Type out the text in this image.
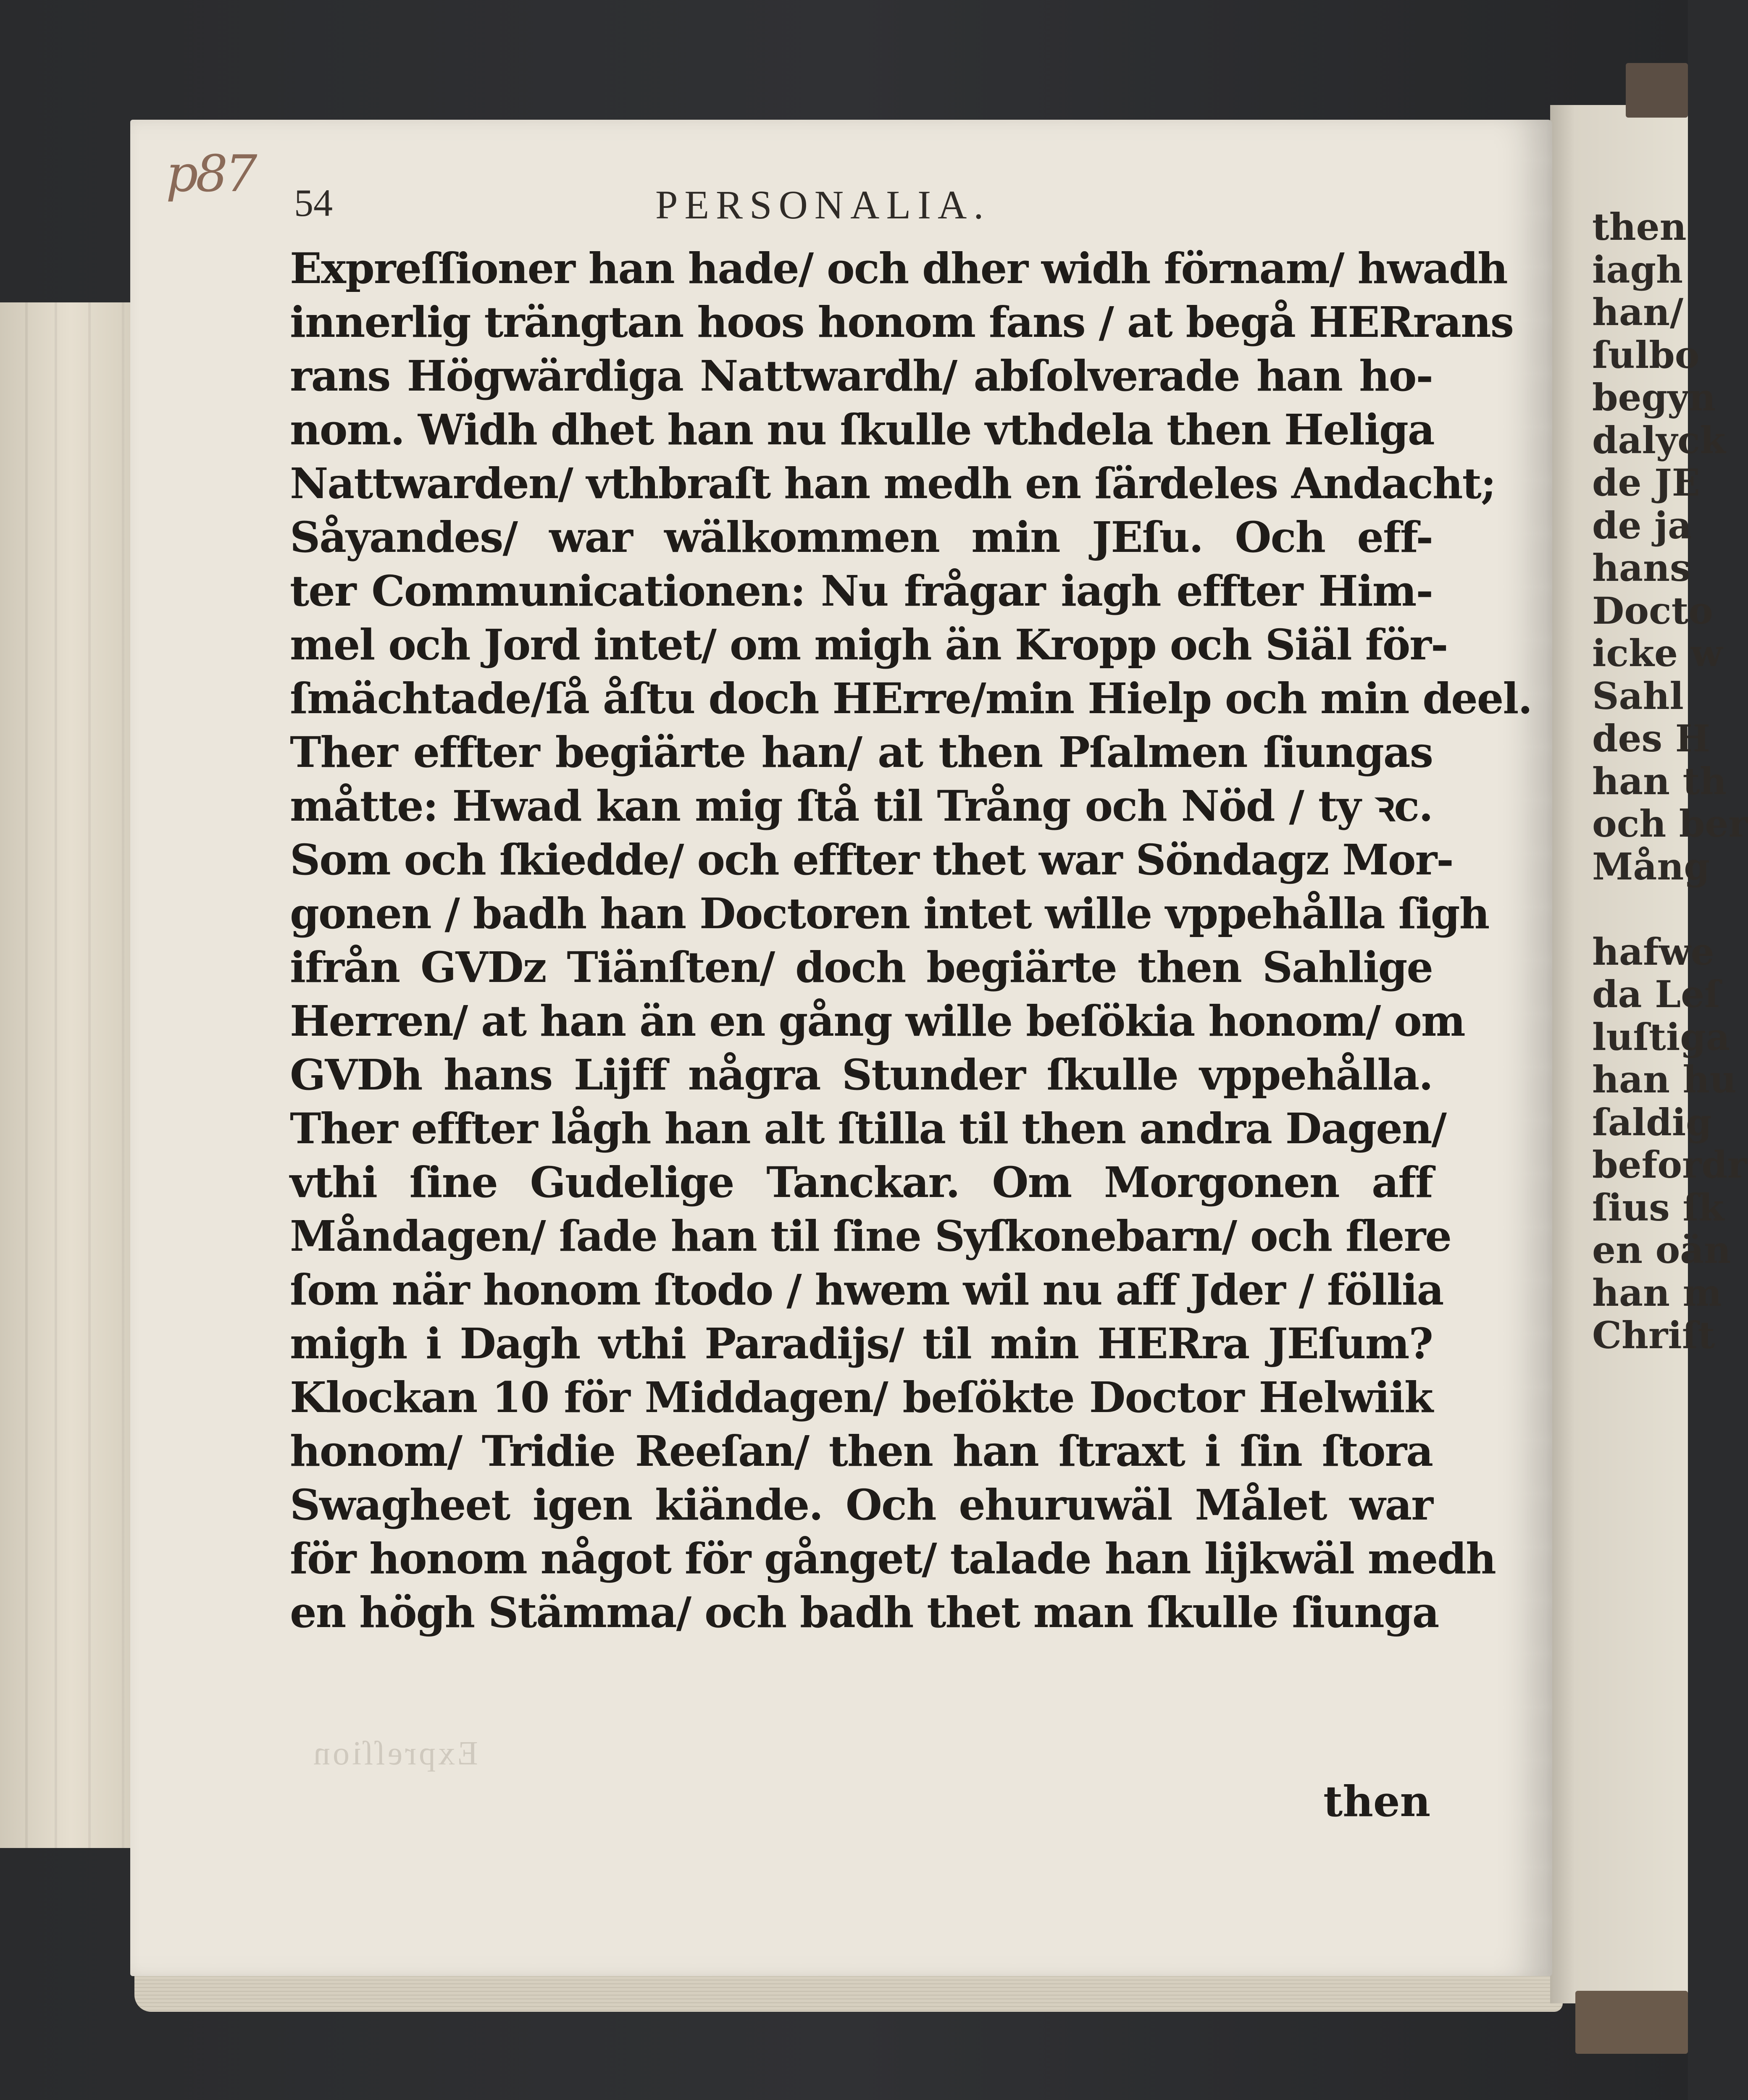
then
iagh
han/
ſulbo
begyn
dalyck
de JE
de ja
hans
Docto
icke w
Sahl
des H
han th
och ber
Mång
hafwe
da Leſ
luſtiga
han hu
ſaldig
befordr
ſius ſk
en oän
han m
Chriſt
p87 54	PERSONALIA.
Expreſſioner han hade/ och dher widh förnam/ hwadh
innerlig trängtan hoos honom fans / at begå HERrans
rans Högwärdiga Nattwardh/ abſolverade han ho-
nom. Widh dhet han nu ſkulle vthdela then Heliga
Nattwarden/ vthbraſt han medh en ſärdeles Andacht;
Såyandes/ war wälkommen min JEſu. Och eff-
ter Communicationen: Nu frågar iagh effter Him-
mel och Jord intet/ om migh än Kropp och Siäl för-
ſmächtade/ſå åſtu doch HErre/min Hielp och min deel.
Ther effter begiärte han/ at then Pſalmen ſiungas
måtte: Hwad kan mig ſtå til Trång och Nöd / ty ꝛc.
Som och ſkiedde/ och effter thet war Söndagz Mor-
gonen / badh han Doctoren intet wille vppehålla ſigh
ifrån GVDz Tiänſten/ doch begiärte then Sahlige
Herren/ at han än en gång wille beſökia honom/ om
GVDh hans Lijff några Stunder ſkulle vppehålla.
Ther effter lågh han alt ſtilla til then andra Dagen/
vthi ſine Gudelige Tanckar. Om Morgonen aff
Måndagen/ ſade han til ſine Syſkonebarn/ och flere
ſom när honom ſtodo / hwem wil nu aff Jder / föllia
migh i Dagh vthi Paradijs/ til min HERra JEſum?
Klockan 10 för Middagen/ beſökte Doctor Helwiik
honom/ Tridie Reeſan/ then han ſtraxt i ſin ſtora
Swagheet igen kiände. Och ehuruwäl Målet war
för honom något för gånget/ talade han lijkwäl medh
en högh Stämma/ och badh thet man ſkulle ſiunga
Expreſſion
then
